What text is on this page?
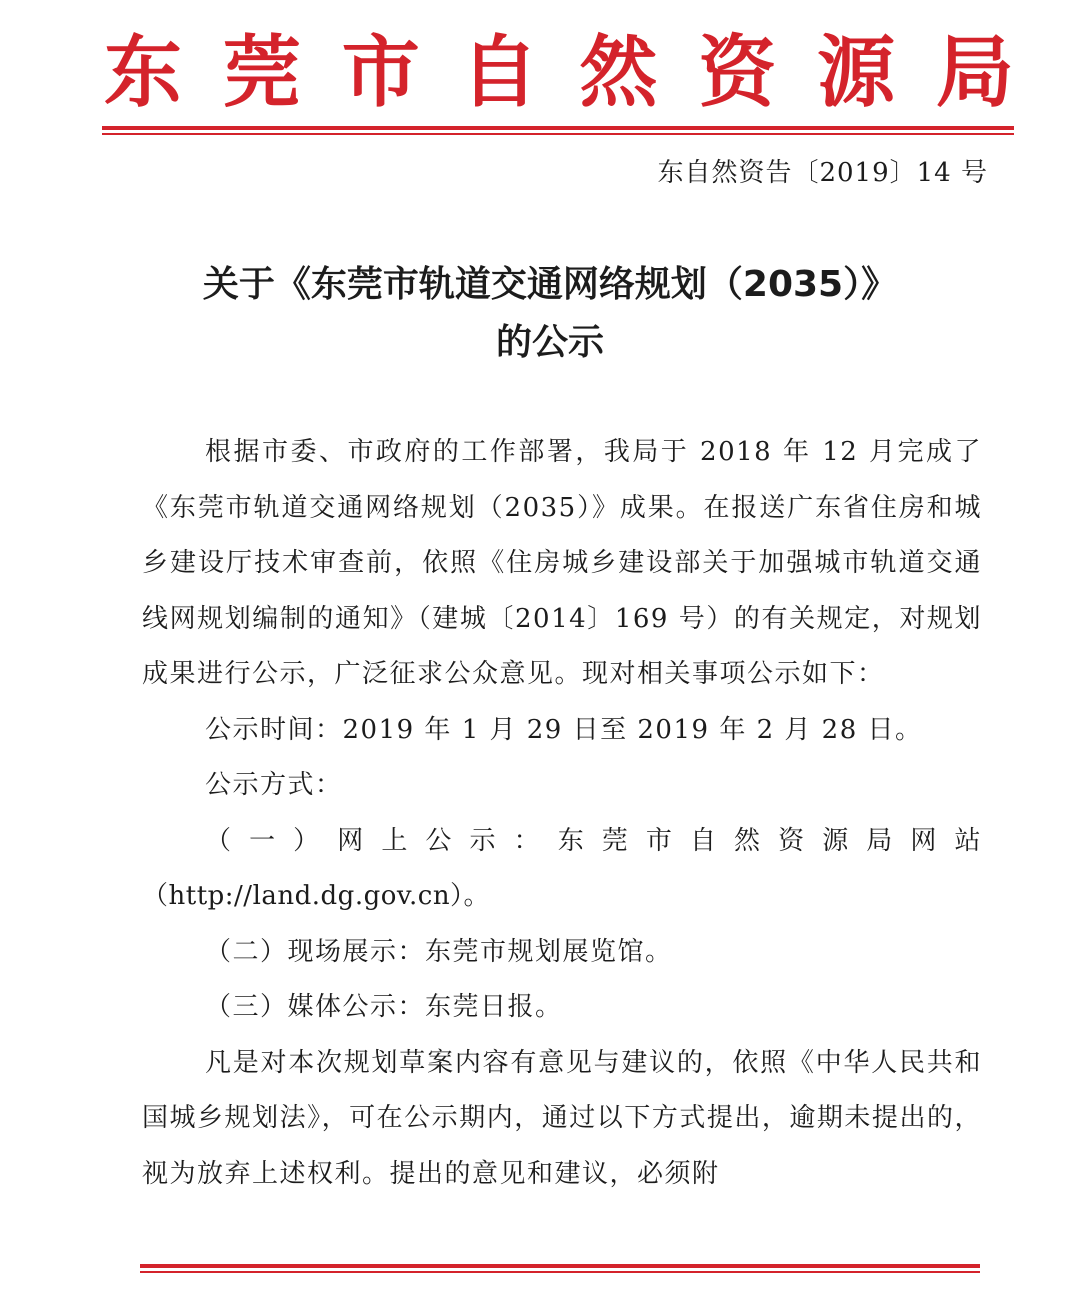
东 莞 市 自 然 资 源 局
东自然资告〔2019〕14 号
关于《东莞市轨道交通网络规划（2035）》
的公示

根据市委、市政府的工作部署，我局于 2018 年 12 月完成了《东莞市轨道交通网络规划（2035）》成果。在报送广东省住房和城乡建设厅技术审查前，依照《住房城乡建设部关于加强城市轨道交通线网规划编制的通知》（建城〔2014〕169 号）的有关规定，对规划成果进行公示，广泛征求公众意见。现对相关事项公示如下：

公示时间：2019 年 1 月 29 日至 2019 年 2 月 28 日。

公示方式：

（一）网上公示：东莞市自然资源局网站

（http://land.dg.gov.cn）。

（二）现场展示：东莞市规划展览馆。

（三）媒体公示：东莞日报。

凡是对本次规划草案内容有意见与建议的，依照《中华人民共和国城乡规划法》，可在公示期内，通过以下方式提出，逾期未提出的，视为放弃上述权利。提出的意见和建议，必须附
